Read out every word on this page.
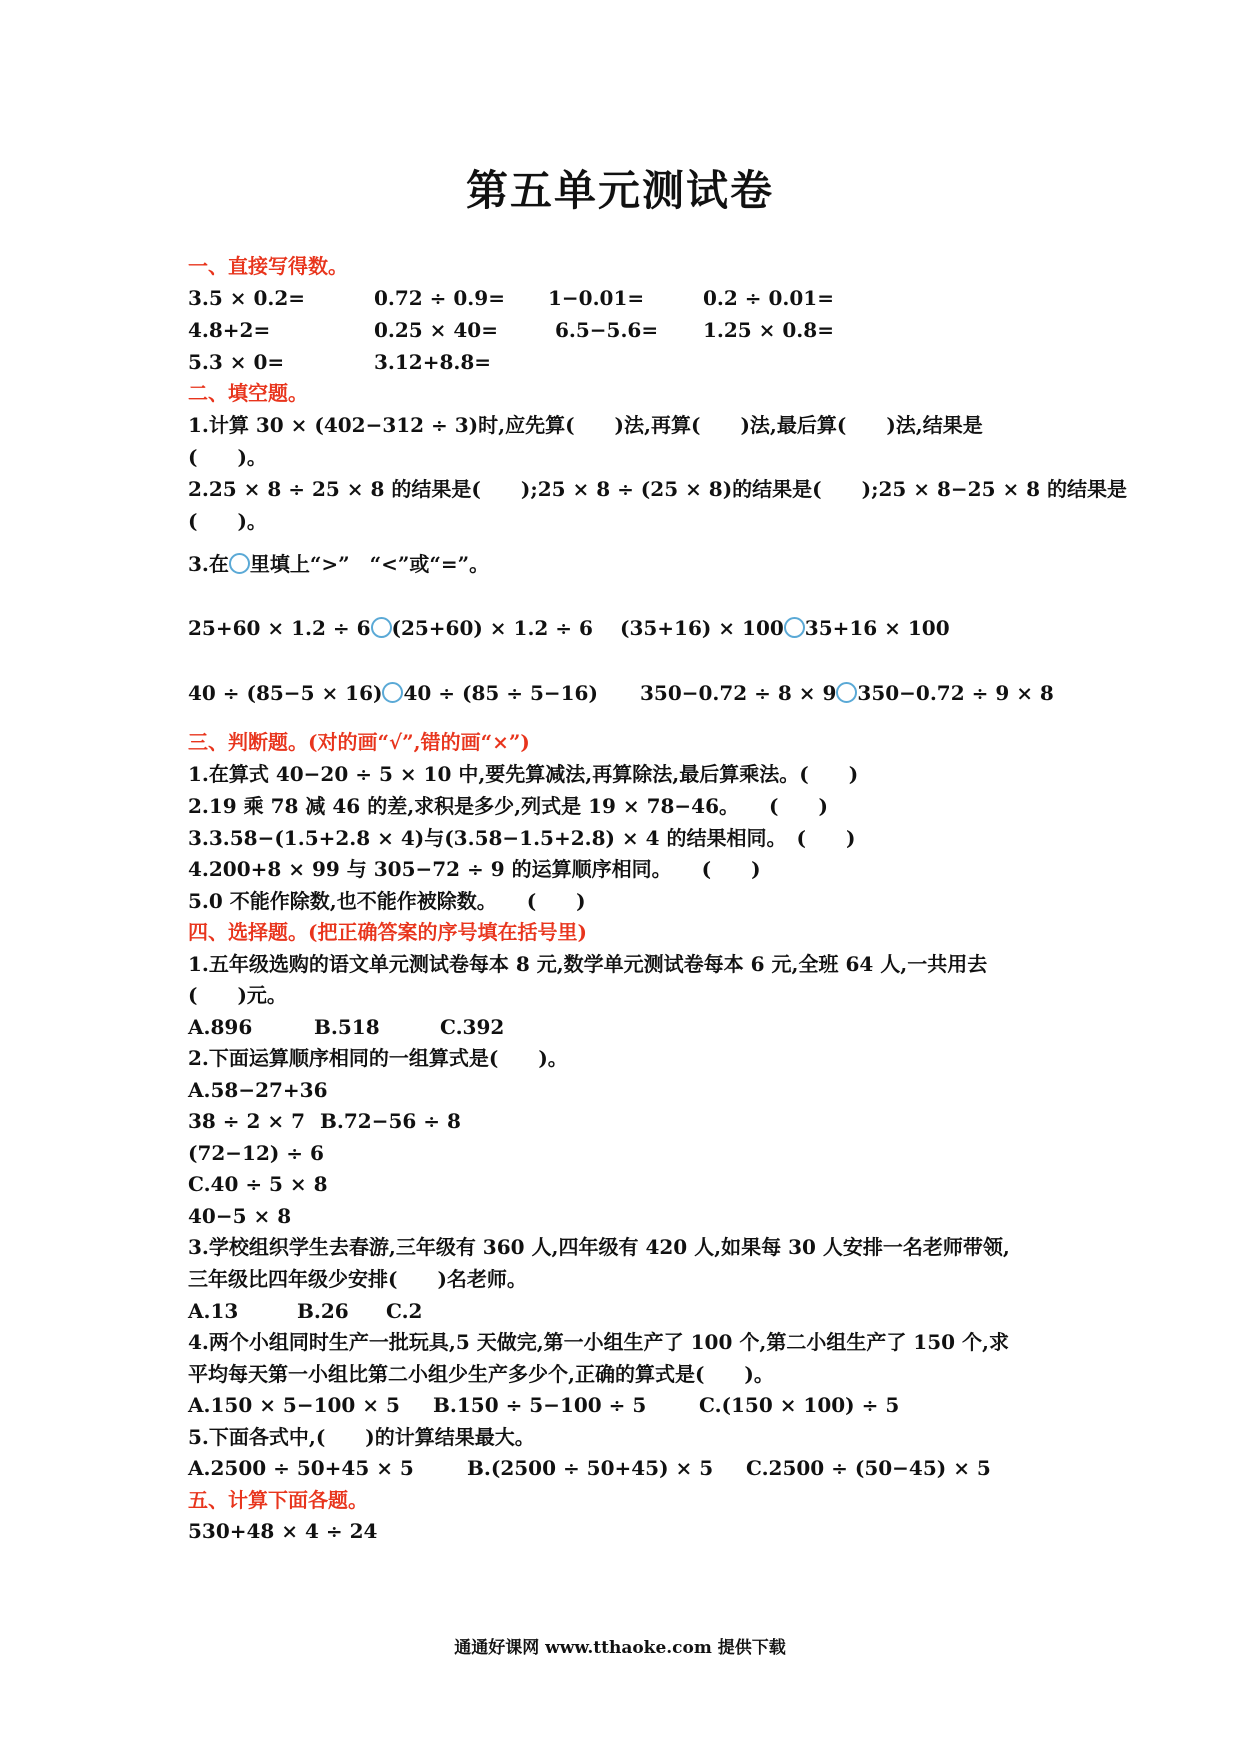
第五单元测试卷
一、直接写得数。
3.5 × 0.2=	0.72 ÷ 0.9= 1−0.01=	0.2 ÷ 0.01=
4.8+2=	0.25 × 40=	6.5−5.6= 1.25 × 0.8=
5.3 × 0=	3.12+8.8=
二、填空题。
1.计算 30 × (402−312 ÷ 3)时,应先算(　　)法,再算(　　)法,最后算(　　)法,结果是
(　　)。
2.25 × 8 ÷ 25 × 8 的结果是(　　);25 × 8 ÷ (25 × 8)的结果是(　　);25 × 8−25 × 8 的结果是
(　　)。
3.在 里填上“>”　“<”或“=”。
25+60 × 1.2 ÷ 6 (25+60) × 1.2 ÷ 6 (35+16) × 100 35+16 × 100
40 ÷ (85−5 × 16) 40 ÷ (85 ÷ 5−16) 350−0.72 ÷ 8 × 9 350−0.72 ÷ 9 × 8
三、判断题。(对的画“√”,错的画“×”)
1.在算式 40−20 ÷ 5 × 10 中,要先算减法,再算除法,最后算乘法。(　　)
2.19 乘 78 减 46 的差,求积是多少,列式是 19 × 78−46。　　(　　)
3.3.58−(1.5+2.8 × 4)与(3.58−1.5+2.8) × 4 的结果相同。　(　　)
4.200+8 × 99 与 305−72 ÷ 9 的运算顺序相同。　　(　　)
5.0 不能作除数,也不能作被除数。　　(　　)
四、选择题。(把正确答案的序号填在括号里)
1.五年级选购的语文单元测试卷每本 8 元,数学单元测试卷每本 6 元,全班 64 人,一共用去
(　　)元。
A.896	B.518	C.392
2.下面运算顺序相同的一组算式是(　　)。
A.58−27+36
38 ÷ 2 × 7 B.72−56 ÷ 8
(72−12) ÷ 6
C.40 ÷ 5 × 8
40−5 × 8
3.学校组织学生去春游,三年级有 360 人,四年级有 420 人,如果每 30 人安排一名老师带领,
三年级比四年级少安排(　　)名老师。
A.13	B.26 C.2
4.两个小组同时生产一批玩具,5 天做完,第一小组生产了 100 个,第二小组生产了 150 个,求
平均每天第一小组比第二小组少生产多少个,正确的算式是(　　)。
A.150 × 5−100 × 5 B.150 ÷ 5−100 ÷ 5	C.(150 × 100) ÷ 5
5.下面各式中,(　　)的计算结果最大。
A.2500 ÷ 50+45 × 5	B.(2500 ÷ 50+45) × 5 C.2500 ÷ (50−45) × 5
五、计算下面各题。
530+48 × 4 ÷ 24
通通好课网 www.tthaoke.com 提供下载
